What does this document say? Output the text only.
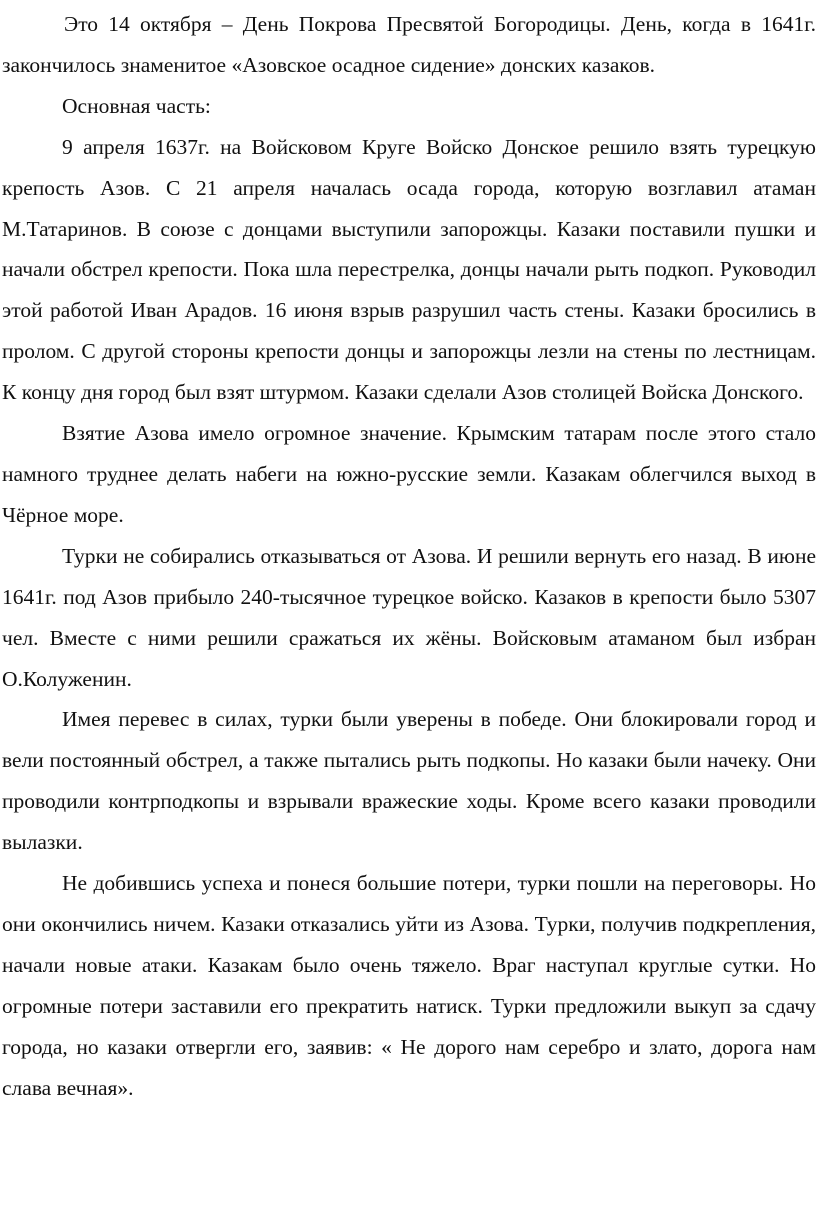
Это 14 октября – День Покрова Пресвятой Богородицы. День, когда в 1641г. закончилось знаменитое «Азовское осадное сидение» донских казаков.

Основная часть:

9 апреля 1637г. на Войсковом Круге Войско Донское решило взять турецкую крепость Азов. С 21 апреля началась осада города, которую возглавил атаман М.Татаринов. В союзе с донцами выступили запорожцы. Казаки поставили пушки и начали обстрел крепости. Пока шла перестрелка, донцы начали рыть подкоп. Руководил этой работой Иван Арадов. 16 июня взрыв разрушил часть стены. Казаки бросились в пролом. С другой стороны крепости донцы и запорожцы лезли на стены по лестницам. К концу дня город был взят штурмом. Казаки сделали Азов столицей Войска Донского.

Взятие Азова имело огромное значение. Крымским татарам после этого стало намного труднее делать набеги на южно-русские земли. Казакам облегчился выход в Чёрное море.

Турки не собирались отказываться от Азова. И решили вернуть его назад. В июне 1641г. под Азов прибыло 240-тысячное турецкое войско. Казаков в крепости было 5307 чел. Вместе с ними решили сражаться их жёны. Войсковым атаманом был избран О.Колуженин.

Имея перевес в силах, турки были уверены в победе. Они блокировали город и вели постоянный обстрел, а также пытались рыть подкопы. Но казаки были начеку. Они проводили контрподкопы и взрывали вражеские ходы. Кроме всего казаки проводили вылазки.

Не добившись успеха и понеся большие потери, турки пошли на переговоры. Но они окончились ничем. Казаки отказались уйти из Азова. Турки, получив подкрепления, начали новые атаки. Казакам было очень тяжело. Враг наступал круглые сутки. Но огромные потери заставили его прекратить натиск. Турки предложили выкуп за сдачу города, но казаки отвергли его, заявив: « Не дорого нам серебро и злато, дорога нам слава вечная».
